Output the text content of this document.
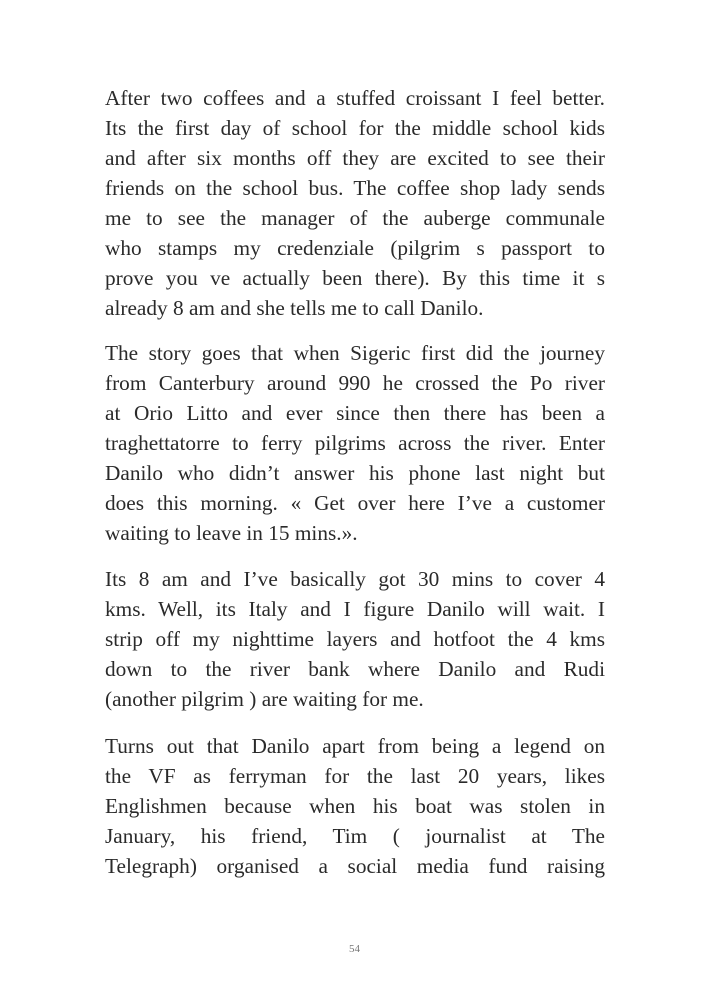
After two coffees and a stuffed croissant I feel better.
Its the first day of school for the middle school kids
and after six months off they are excited to see their
friends on the school bus. The coffee shop lady sends
me to see the manager of the auberge communale
who stamps my credenziale (pilgrim s passport to
prove you ve actually been there). By this time it s
already 8 am and she tells me to call Danilo.
The story goes that when Sigeric first did the journey
from Canterbury around 990 he crossed the Po river
at Orio Litto and ever since then there has been a
traghettatorre to ferry pilgrims across the river. Enter
Danilo who didn’t answer his phone last night but
does this morning. « Get over here I’ve a customer
waiting to leave in 15 mins.».
Its 8 am and I’ve basically got 30 mins to cover 4
kms. Well, its Italy and I figure Danilo will wait. I
strip off my nighttime layers and hotfoot the 4 kms
down to the river bank where Danilo and Rudi
(another pilgrim ) are waiting for me.
Turns out that Danilo apart from being a legend on
the VF as ferryman for the last 20 years, likes
Englishmen because when his boat was stolen in
January, his friend, Tim ( journalist at The
Telegraph) organised a social media fund raising
54
